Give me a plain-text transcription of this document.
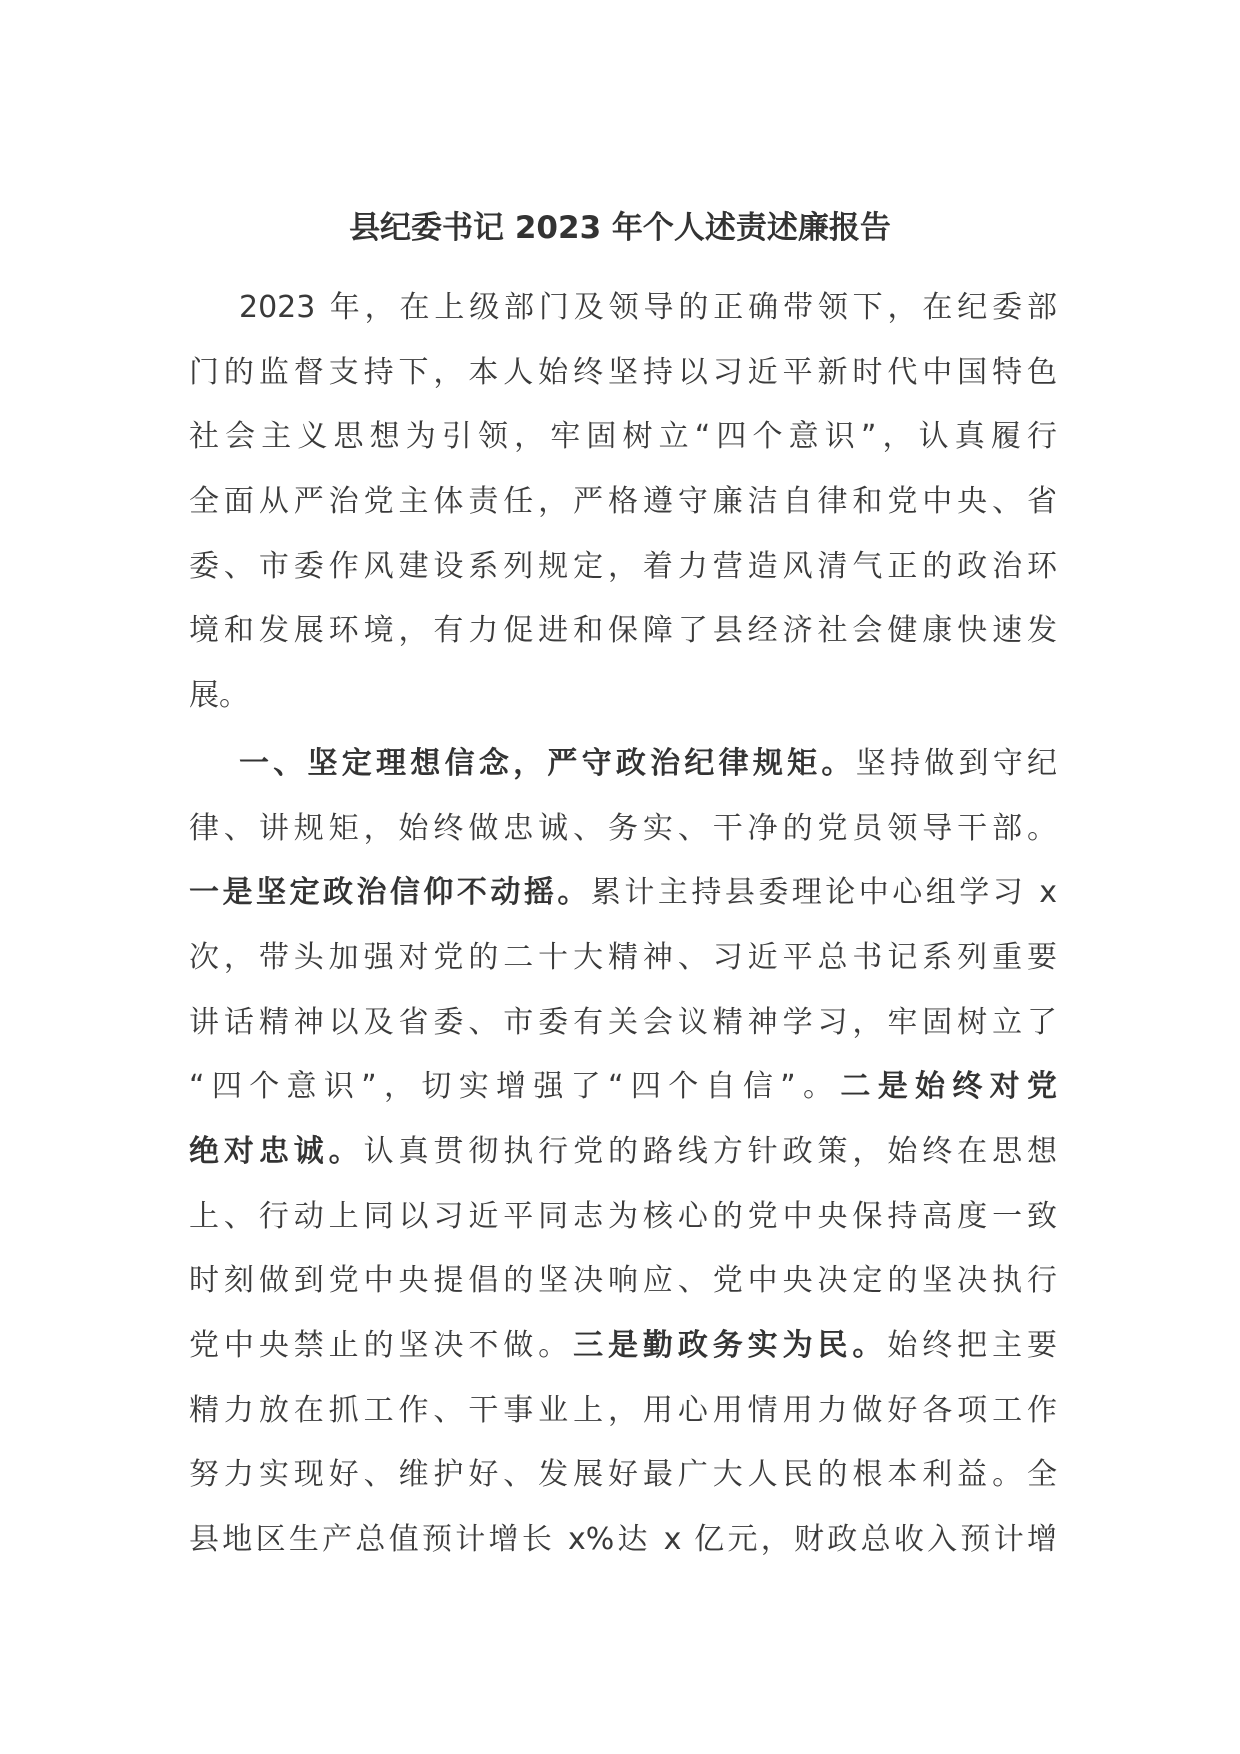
县纪委书记 2023 年个人述责述廉报告
2023 年，在上级部门及领导的正确带领下，在纪委部
门的监督支持下，本人始终坚持以习近平新时代中国特色
社会主义思想为引领，牢固树立“四个意识”，认真履行
全面从严治党主体责任，严格遵守廉洁自律和党中央、省
委、市委作风建设系列规定，着力营造风清气正的政治环
境和发展环境，有力促进和保障了县经济社会健康快速发
展。
一、坚定理想信念，严守政治纪律规矩。坚持做到守纪
律、讲规矩，始终做忠诚、务实、干净的党员领导干部。
一是坚定政治信仰不动摇。累计主持县委理论中心组学习 x
次，带头加强对党的二十大精神、习近平总书记系列重要
讲话精神以及省委、市委有关会议精神学习，牢固树立了
“四个意识”，切实增强了“四个自信”。二是始终对党
绝对忠诚。认真贯彻执行党的路线方针政策，始终在思想
上、行动上同以习近平同志为核心的党中央保持高度一致
时刻做到党中央提倡的坚决响应、党中央决定的坚决执行
党中央禁止的坚决不做。三是勤政务实为民。始终把主要
精力放在抓工作、干事业上，用心用情用力做好各项工作
努力实现好、维护好、发展好最广大人民的根本利益。全
县地区生产总值预计增长 x%达 x 亿元，财政总收入预计增
